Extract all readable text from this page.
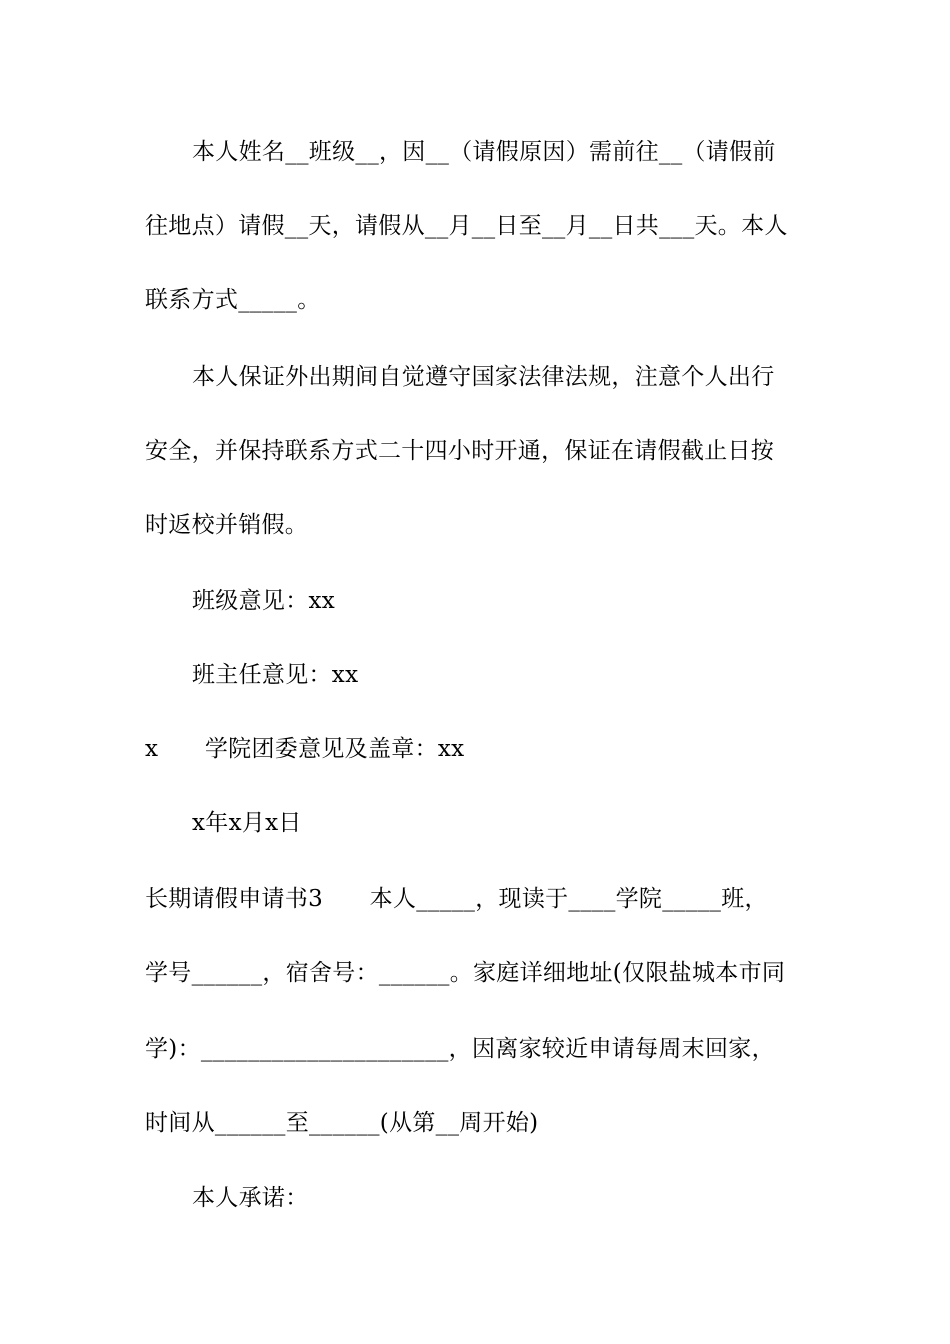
本人姓名__班级__，因__（请假原因）需前往__（请假前
往地点）请假__天，请假从__月__日至__月__日共___天。本人
联系方式_____。
本人保证外出期间自觉遵守国家法律法规，注意个人出行
安全，并保持联系方式二十四小时开通，保证在请假截止日按
时返校并销假。
班级意见：xx
班主任意见：xx
x　　学院团委意见及盖章：xx
x年x月x日
长期请假申请书3　　本人_____，现读于____学院_____班，
学号______，宿舍号：______。家庭详细地址(仅限盐城本市同
学)：_____________________，因离家较近申请每周末回家，
时间从______至______(从第__周开始)
本人承诺：
